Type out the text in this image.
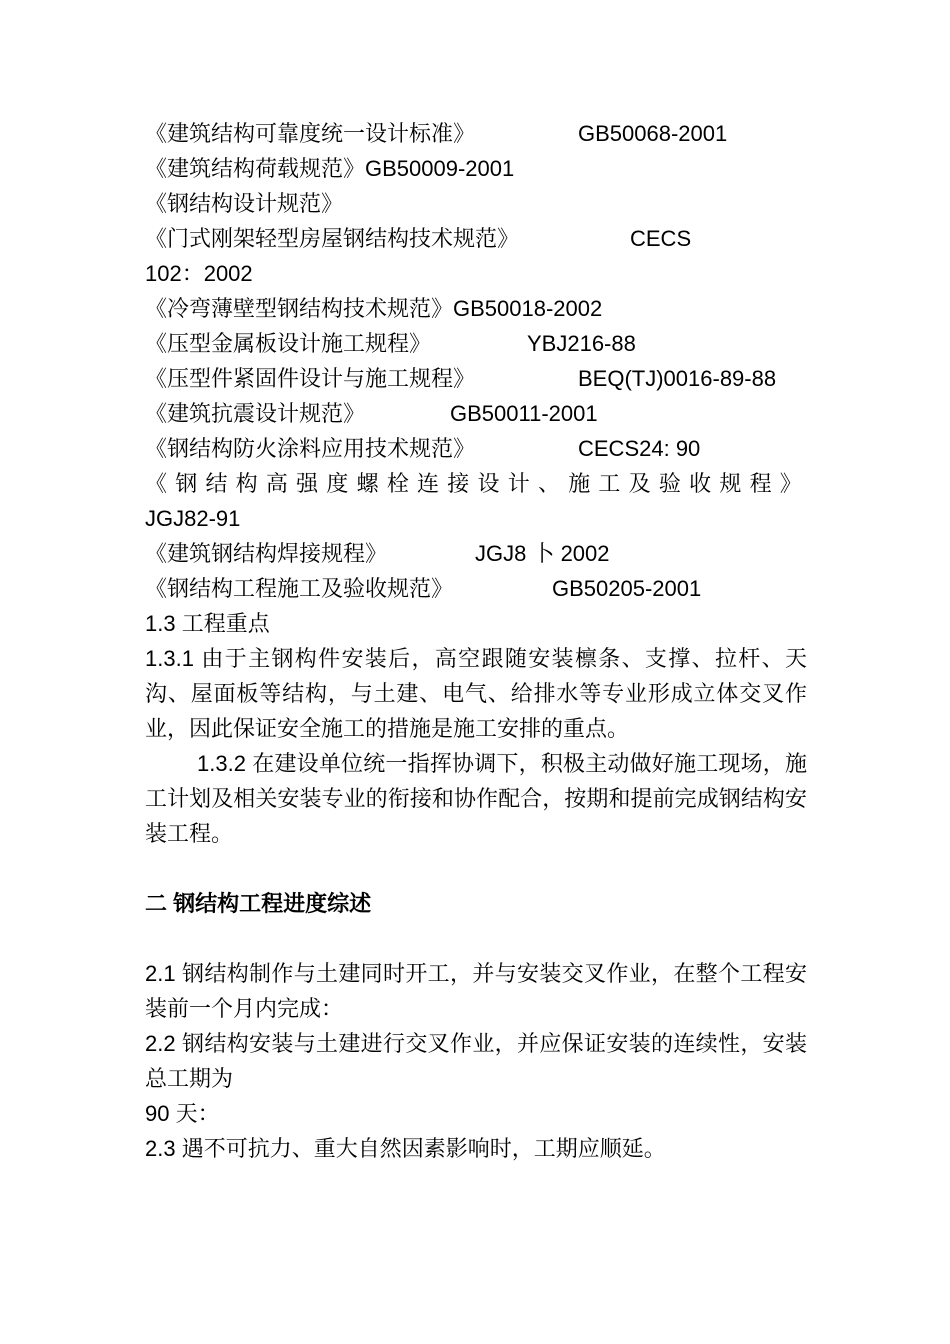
《建筑结构可靠度统一设计标准》	GB50068-2001
《建筑结构荷载规范》GB50009-2001
《钢结构设计规范》
《门式刚架轻型房屋钢结构技术规范》	CECS
102：2002
《冷弯薄壁型钢结构技术规范》GB50018-2002
《压型金属板设计施工规程》	YBJ216-88
《压型件紧固件设计与施工规程》	BEQ(TJ)0016-89-88
《建筑抗震设计规范》	GB50011-2001
《钢结构防火涂料应用技术规范》	CECS24: 90
《钢结构高强度螺栓连接设计、施工及验收规程》
JGJ82-91
《建筑钢结构焊接规程》	JGJ8 卜 2002
《钢结构工程施工及验收规范》	GB50205-2001
1.3 工程重点
1.3.1 由于主钢构件安装后，高空跟随安装檩条、支撑、拉杆、天沟、屋面板等结构，与土建、电气、给排水等专业形成立体交叉作业，因此保证安全施工的措施是施工安排的重点。
1.3.2 在建设单位统一指挥协调下，积极主动做好施工现场，施工计划及相关安装专业的衔接和协作配合，按期和提前完成钢结构安装工程。
二 钢结构工程进度综述
2.1 钢结构制作与土建同时开工，并与安装交叉作业，在整个工程安装前一个月内完成：
2.2 钢结构安装与土建进行交叉作业，并应保证安装的连续性，安装总工期为
90 天：
2.3 遇不可抗力、重大自然因素影响时，工期应顺延。
